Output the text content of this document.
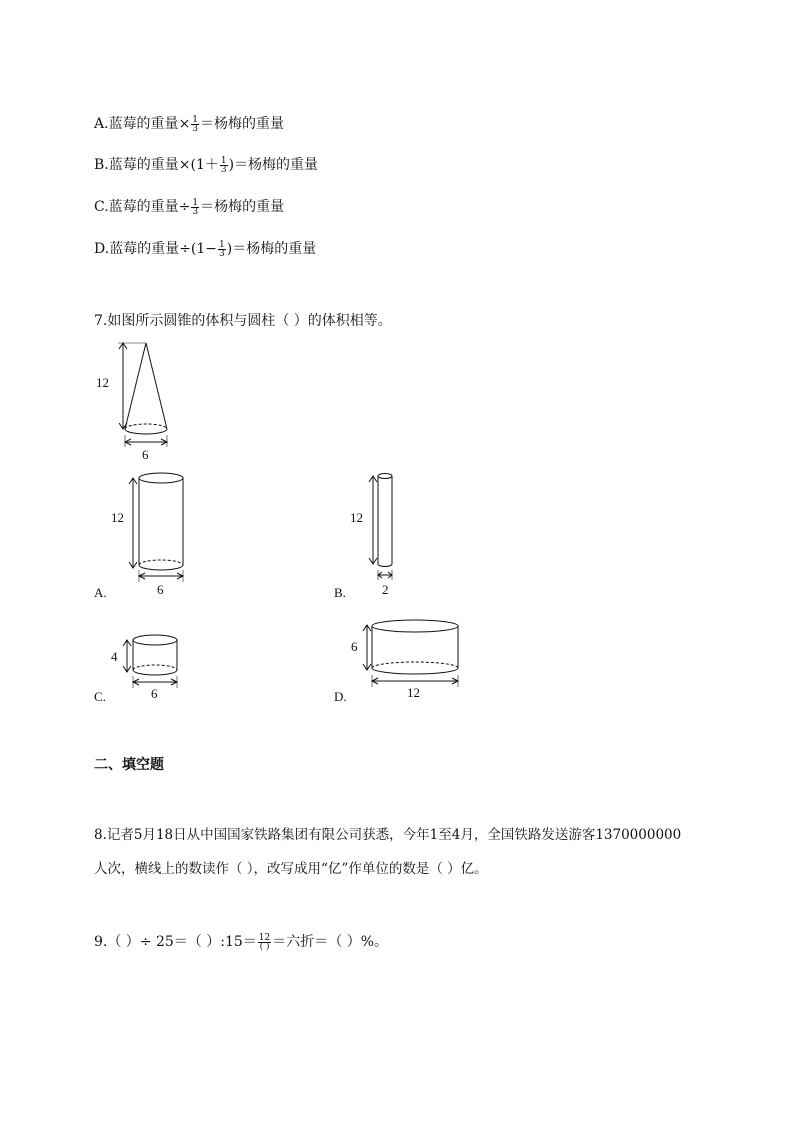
A.蓝莓的重量× $\frac{1}{3}$ ＝杨梅的重量
B.蓝莓的重量$\times(1+ \frac{1}{3}$ )＝杨梅的重量
C.蓝莓的重量÷ $\frac{1}{3}$ ＝杨梅的重量
D.蓝莓的重量$\div(1- \frac{1}{3}$ )＝杨梅的重量
7.如图所示圆锥的体积与圆柱（ ）的体积相等。
12
6
12
6
A.
12
2
B.
4
6
C.
6
12
D.
二、填空题
8.记者5月18日从中国国家铁路集团有限公司获悉，今年1至4月，全国铁路发送游客1370000000
人次，横线上的数读作（ ），改写成用“亿”作单位的数是（ ）亿。
9.（ ）÷ 25＝（ ）:15＝ $\frac{12}{( )}$ ＝六折＝（ ）%。
